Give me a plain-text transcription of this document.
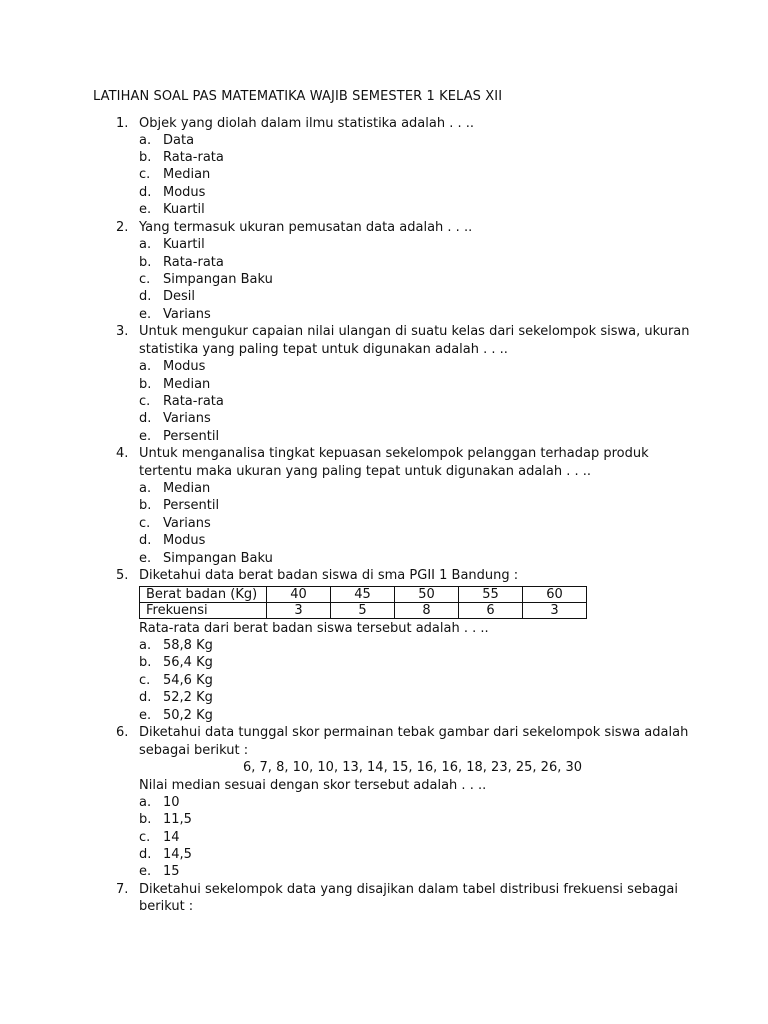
LATIHAN SOAL PAS MATEMATIKA WAJIB SEMESTER 1 KELAS XII
1. Objek yang diolah dalam ilmu statistika adalah . . ..
a. Data
b. Rata-rata
c. Median
d. Modus
e. Kuartil
2. Yang termasuk ukuran pemusatan data adalah . . ..
a. Kuartil
b. Rata-rata
c. Simpangan Baku
d. Desil
e. Varians
3. Untuk mengukur capaian nilai ulangan di suatu kelas dari sekelompok siswa, ukuran
statistika yang paling tepat untuk digunakan adalah . . ..
a. Modus
b. Median
c. Rata-rata
d. Varians
e. Persentil
4. Untuk menganalisa tingkat kepuasan sekelompok pelanggan terhadap produk
tertentu maka ukuran yang paling tepat untuk digunakan adalah . . ..
a. Median
b. Persentil
c. Varians
d. Modus
e. Simpangan Baku
5. Diketahui data berat badan siswa di sma PGII 1 Bandung :
Berat badan (Kg)	40	45	50	55	60
Frekuensi	3	5	8	6	3
Rata-rata dari berat badan siswa tersebut adalah . . ..
a. 58,8 Kg
b. 56,4 Kg
c. 54,6 Kg
d. 52,2 Kg
e. 50,2 Kg
6. Diketahui data tunggal skor permainan tebak gambar dari sekelompok siswa adalah
sebagai berikut :
6, 7, 8, 10, 10, 13, 14, 15, 16, 16, 18, 23, 25, 26, 30
Nilai median sesuai dengan skor tersebut adalah . . ..
a. 10
b. 11,5
c. 14
d. 14,5
e. 15
7. Diketahui sekelompok data yang disajikan dalam tabel distribusi frekuensi sebagai
berikut :
